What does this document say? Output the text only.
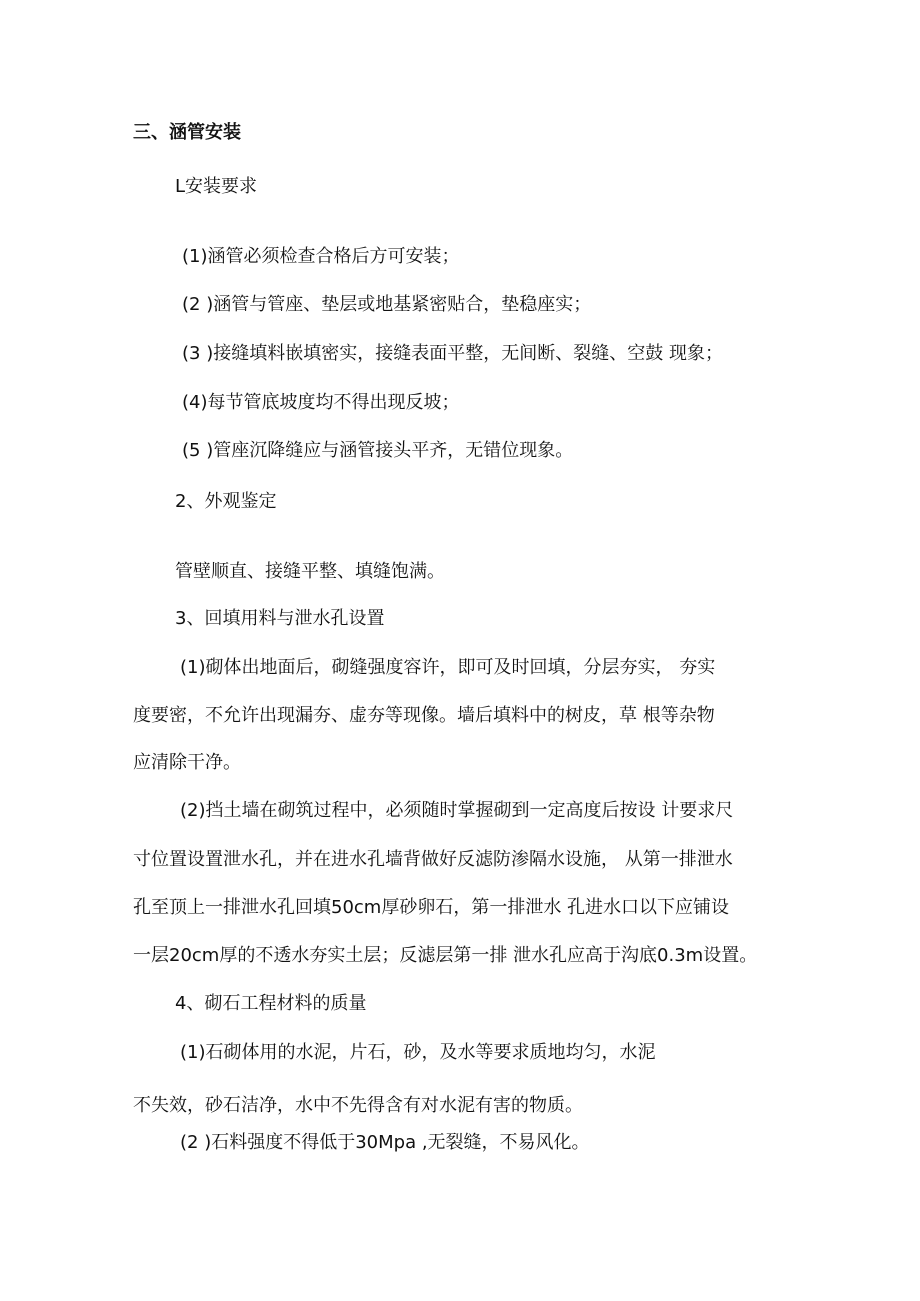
三、涵管安装
L安装要求
(1)涵管必须检查合格后方可安装；
(2 )涵管与管座、垫层或地基紧密贴合，垫稳座实；
(3 )接缝填料嵌填密实，接缝表面平整，无间断、裂缝、空鼓 现象；
(4)每节管底坡度均不得出现反坡；
(5 )管座沉降缝应与涵管接头平齐，无错位现象。
2、外观鉴定
管壁顺直、接缝平整、填缝饱满。
3、回填用料与泄水孔设置
(1)砌体出地面后，砌缝强度容许，即可及时回填，分层夯实， 夯实
度要密，不允许出现漏夯、虚夯等现像。墙后填料中的树皮，草 根等杂物
应清除干净。
(2)挡土墙在砌筑过程中，必须随时掌握砌到一定高度后按设 计要求尺
寸位置设置泄水孔，并在进水孔墙背做好反滤防渗隔水设施， 从第一排泄水
孔至顶上一排泄水孔回填50cm厚砂卵石，第一排泄水 孔进水口以下应铺设
一层20cm厚的不透水夯实土层；反滤层第一排 泄水孔应高于沟底0.3m设置。
4、砌石工程材料的质量
(1)石砌体用的水泥，片石，砂，及水等要求质地均匀，水泥
不失效，砂石洁净，水中不先得含有对水泥有害的物质。
(2 )石料强度不得低于30Mpa ,无裂缝，不易风化。
